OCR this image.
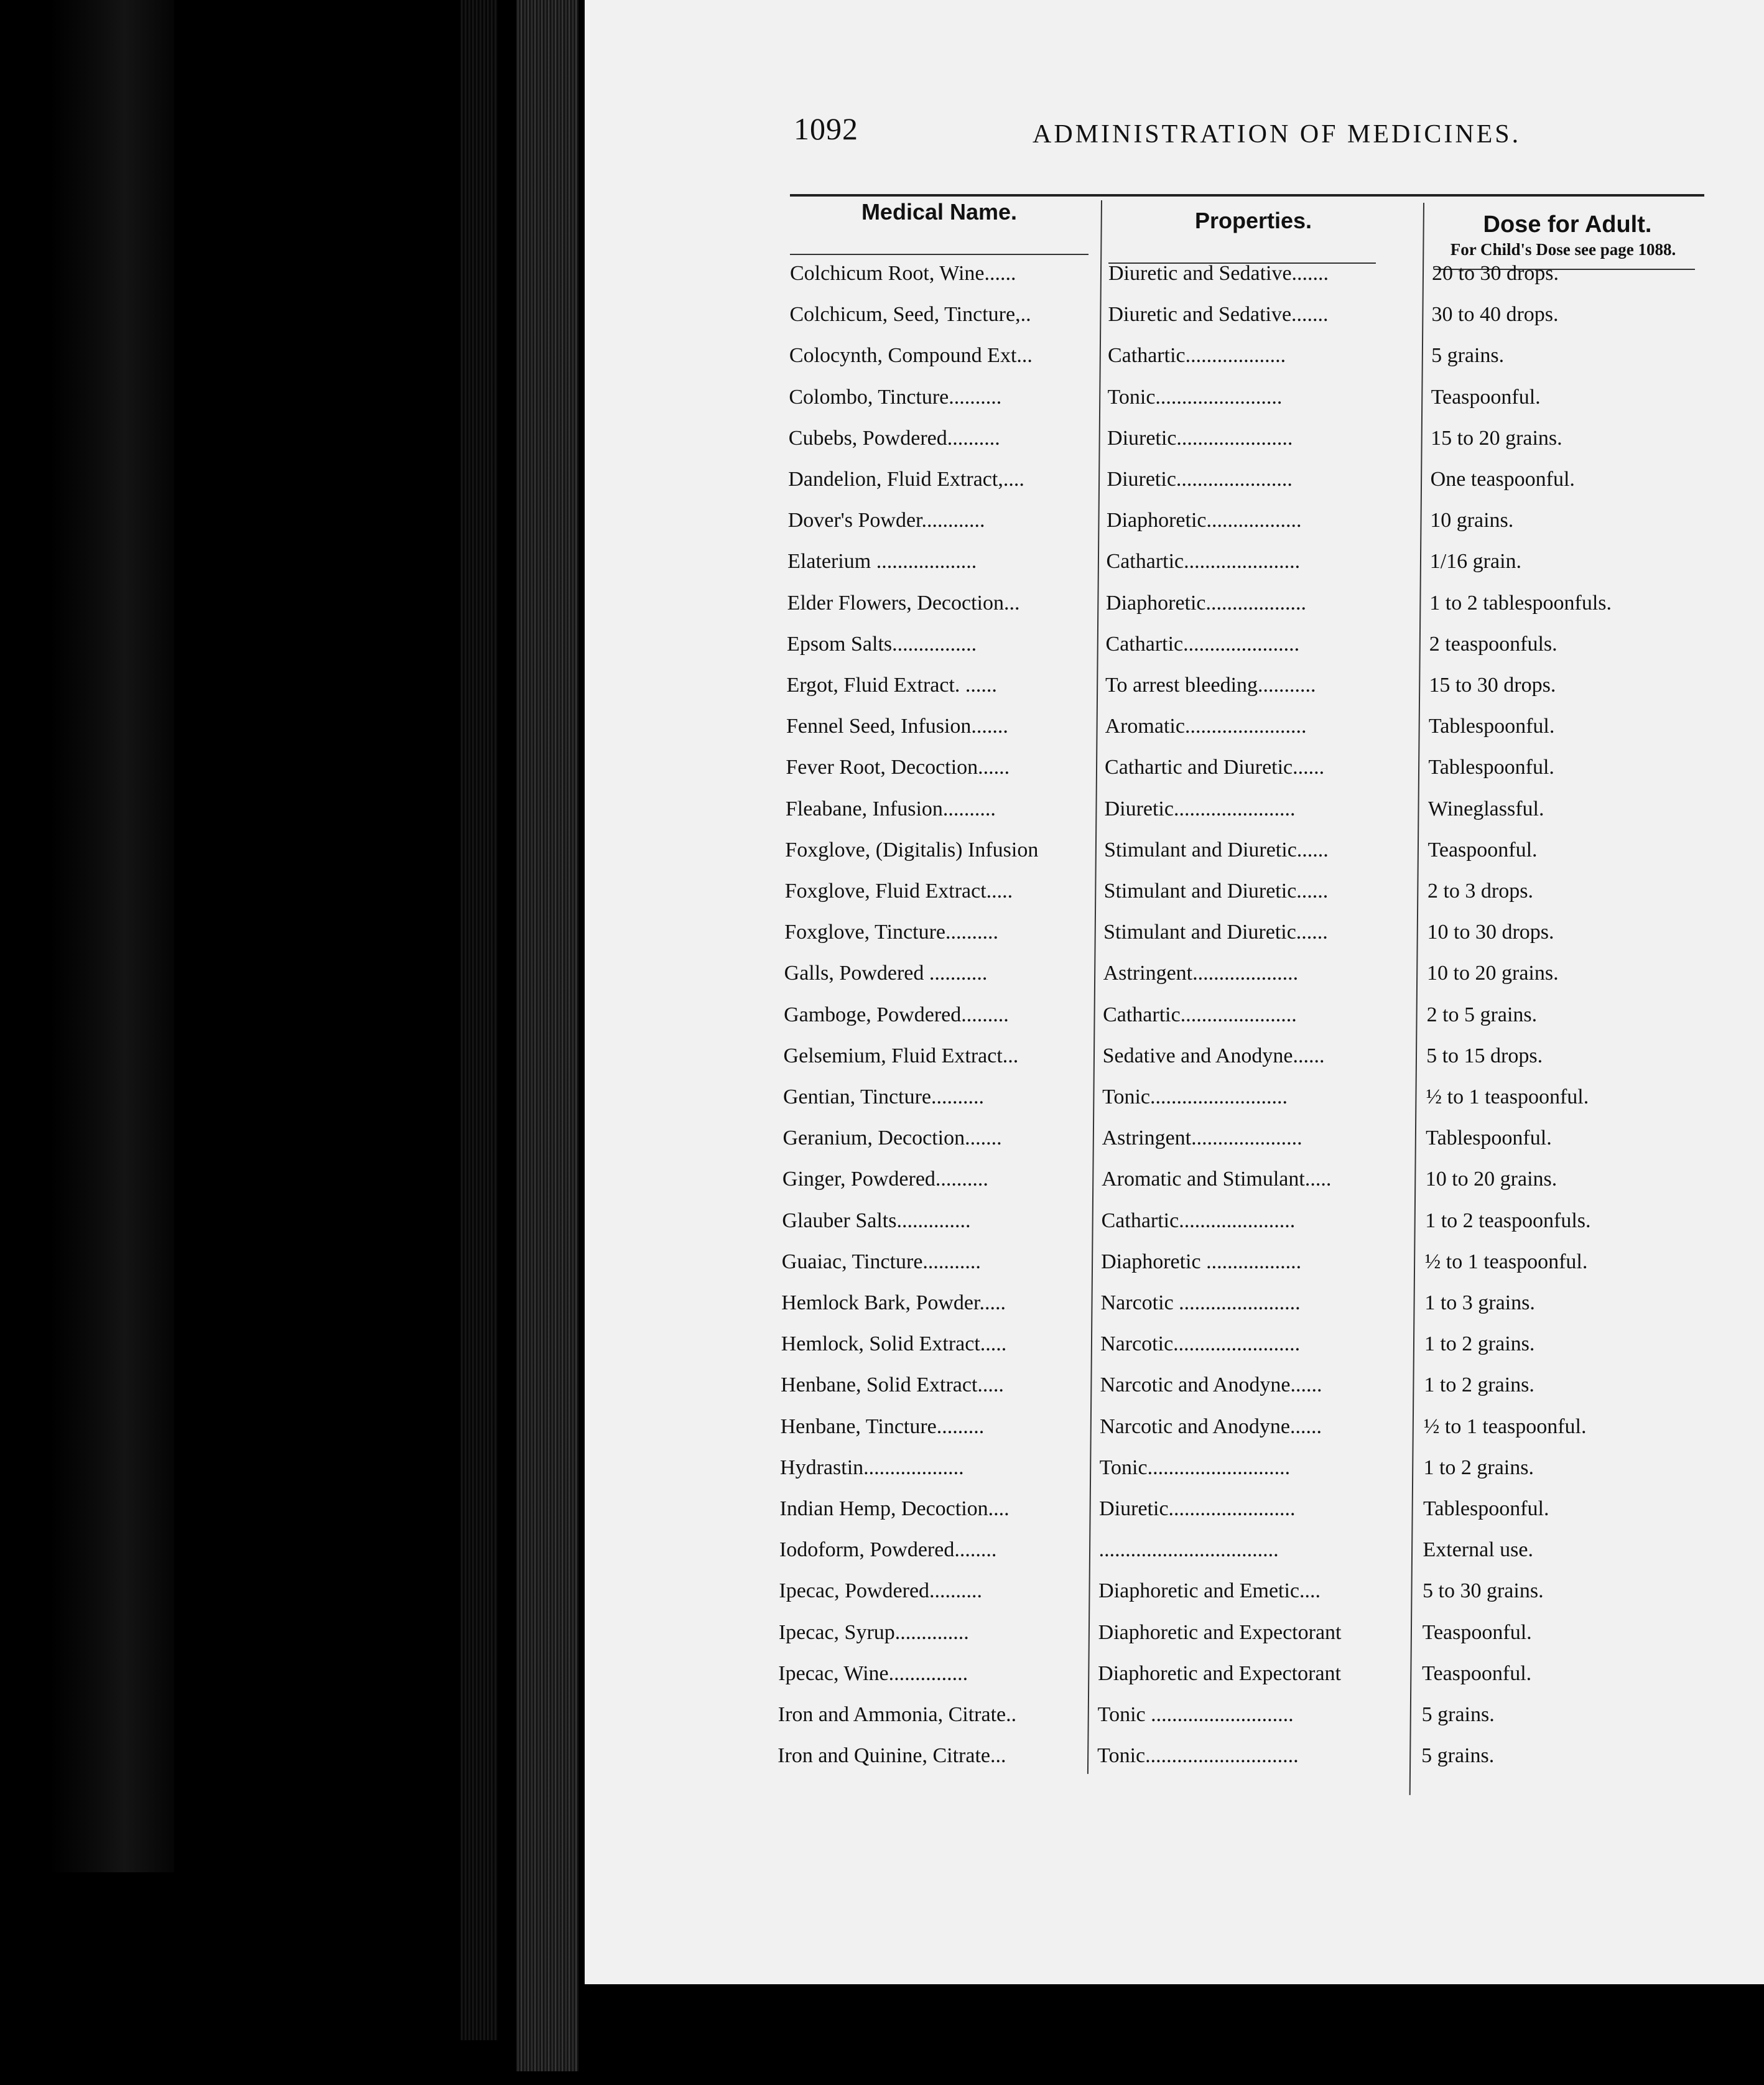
1092	ADMINISTRATION OF MEDICINES.
Medical Name.	Properties.	Dose for Adult.
For Child's Dose see page 1088.
Colchicum Root, Wine......	Diuretic and Sedative.......	20 to 30 drops.
Colchicum, Seed, Tincture,..	Diuretic and Sedative.......	30 to 40 drops.
Colocynth, Compound Ext...	Cathartic...................	5 grains.
Colombo, Tincture..........	Tonic........................	Teaspoonful.
Cubebs, Powdered..........	Diuretic......................	15 to 20 grains.
Dandelion, Fluid Extract,....	Diuretic......................	One teaspoonful.
Dover's Powder............	Diaphoretic..................	10 grains.
Elaterium ...................	Cathartic......................	1/16 grain.
Elder Flowers, Decoction...	Diaphoretic...................	1 to 2 tablespoonfuls.
Epsom Salts................	Cathartic......................	2 teaspoonfuls.
Ergot, Fluid Extract. ......	To arrest bleeding...........	15 to 30 drops.
Fennel Seed, Infusion.......	Aromatic.......................	Tablespoonful.
Fever Root, Decoction......	Cathartic and Diuretic......	Tablespoonful.
Fleabane, Infusion..........	Diuretic.......................	Wineglassful.
Foxglove, (Digitalis) Infusion	Stimulant and Diuretic......	Teaspoonful.
Foxglove, Fluid Extract.....	Stimulant and Diuretic......	2 to 3 drops.
Foxglove, Tincture..........	Stimulant and Diuretic......	10 to 30 drops.
Galls, Powdered ...........	Astringent....................	10 to 20 grains.
Gamboge, Powdered.........	Cathartic......................	2 to 5 grains.
Gelsemium, Fluid Extract...	Sedative and Anodyne......	5 to 15 drops.
Gentian, Tincture..........	Tonic..........................	½ to 1 teaspoonful.
Geranium, Decoction.......	Astringent.....................	Tablespoonful.
Ginger, Powdered..........	Aromatic and Stimulant.....	10 to 20 grains.
Glauber Salts..............	Cathartic......................	1 to 2 teaspoonfuls.
Guaiac, Tincture...........	Diaphoretic ..................	½ to 1 teaspoonful.
Hemlock Bark, Powder.....	Narcotic .......................	1 to 3 grains.
Hemlock, Solid Extract.....	Narcotic........................	1 to 2 grains.
Henbane, Solid Extract.....	Narcotic and Anodyne......	1 to 2 grains.
Henbane, Tincture.........	Narcotic and Anodyne......	½ to 1 teaspoonful.
Hydrastin...................	Tonic...........................	1 to 2 grains.
Indian Hemp, Decoction....	Diuretic........................	Tablespoonful.
Iodoform, Powdered........	..................................	External use.
Ipecac, Powdered..........	Diaphoretic and Emetic....	5 to 30 grains.
Ipecac, Syrup..............	Diaphoretic and Expectorant	Teaspoonful.
Ipecac, Wine...............	Diaphoretic and Expectorant	Teaspoonful.
Iron and Ammonia, Citrate..	Tonic ...........................	5 grains.
Iron and Quinine, Citrate...	Tonic.............................	5 grains.
